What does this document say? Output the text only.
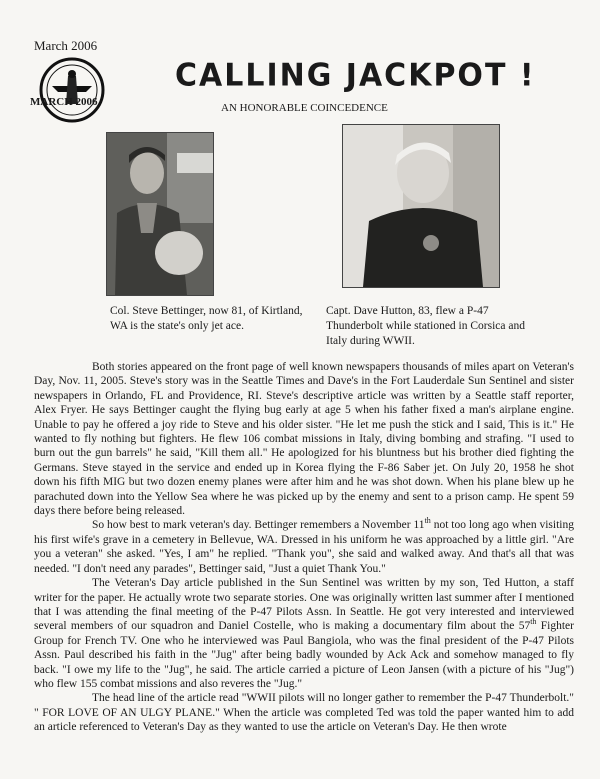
March 2006
MARCH 2006
CALLING JACKPOT !
AN HONORABLE COINCEDENCE
Col. Steve Bettinger, now 81, of Kirtland, WA is the state's only jet ace.
Capt. Dave Hutton, 83, flew a P-47 Thunderbolt while stationed in Corsica and Italy during WWII.

Both stories appeared on the front page of well known newspapers thousands of miles apart on Veteran's Day, Nov. 11, 2005. Steve's story was in the Seattle Times and Dave's in the Fort Lauderdale Sun Sentinel and sister newspapers in Orlando, FL and Providence, RI. Steve's descriptive article was written by a Seattle staff reporter, Alex Fryer. He says Bettinger caught the flying bug early at age 5 when his father fixed a man's airplane engine. Unable to pay he offered a joy ride to Steve and his older sister. "He let me push the stick and I said, This is it." He wanted to fly nothing but fighters. He flew 106 combat missions in Italy, diving bombing and strafing. "I used to burn out the gun barrels" he said, "Kill them all." He apologized for his bluntness but his brother died fighting the Germans. Steve stayed in the service and ended up in Korea flying the F-86 Saber jet. On July 20, 1958 he shot down his fifth MIG but two dozen enemy planes were after him and he was shot down. When his plane blew up he parachuted down into the Yellow Sea where he was picked up by the enemy and sent to a prison camp. He spent 59 days there before being released.

So how best to mark veteran's day. Bettinger remembers a November 11th not too long ago when visiting his first wife's grave in a cemetery in Bellevue, WA. Dressed in his uniform he was approached by a little girl. "Are you a veteran" she asked. "Yes, I am" he replied. "Thank you", she said and walked away. And that's all that was needed. "I don't need any parades", Bettinger said, "Just a quiet Thank You."

The Veteran's Day article published in the Sun Sentinel was written by my son, Ted Hutton, a staff writer for the paper. He actually wrote two separate stories. One was originally written last summer after I mentioned that I was attending the final meeting of the P-47 Pilots Assn. In Seattle. He got very interested and interviewed several members of our squadron and Daniel Costelle, who is making a documentary film about the 57th Fighter Group for French TV. One who he interviewed was Paul Bangiola, who was the final president of the P-47 Pilots Assn. Paul described his faith in the "Jug" after being badly wounded by Ack Ack and somehow managed to fly back. "I owe my life to the "Jug", he said. The article carried a picture of Leon Jansen (with a picture of his "Jug") who flew 155 combat missions and also reveres the "Jug."

The head line of the article read "WWII pilots will no longer gather to remember the P-47 Thunderbolt." " FOR LOVE OF AN ULGY PLANE." When the article was completed Ted was told the paper wanted him to add an article referenced to Veteran's Day as they wanted to use the article on Veteran's Day. He then wrote
